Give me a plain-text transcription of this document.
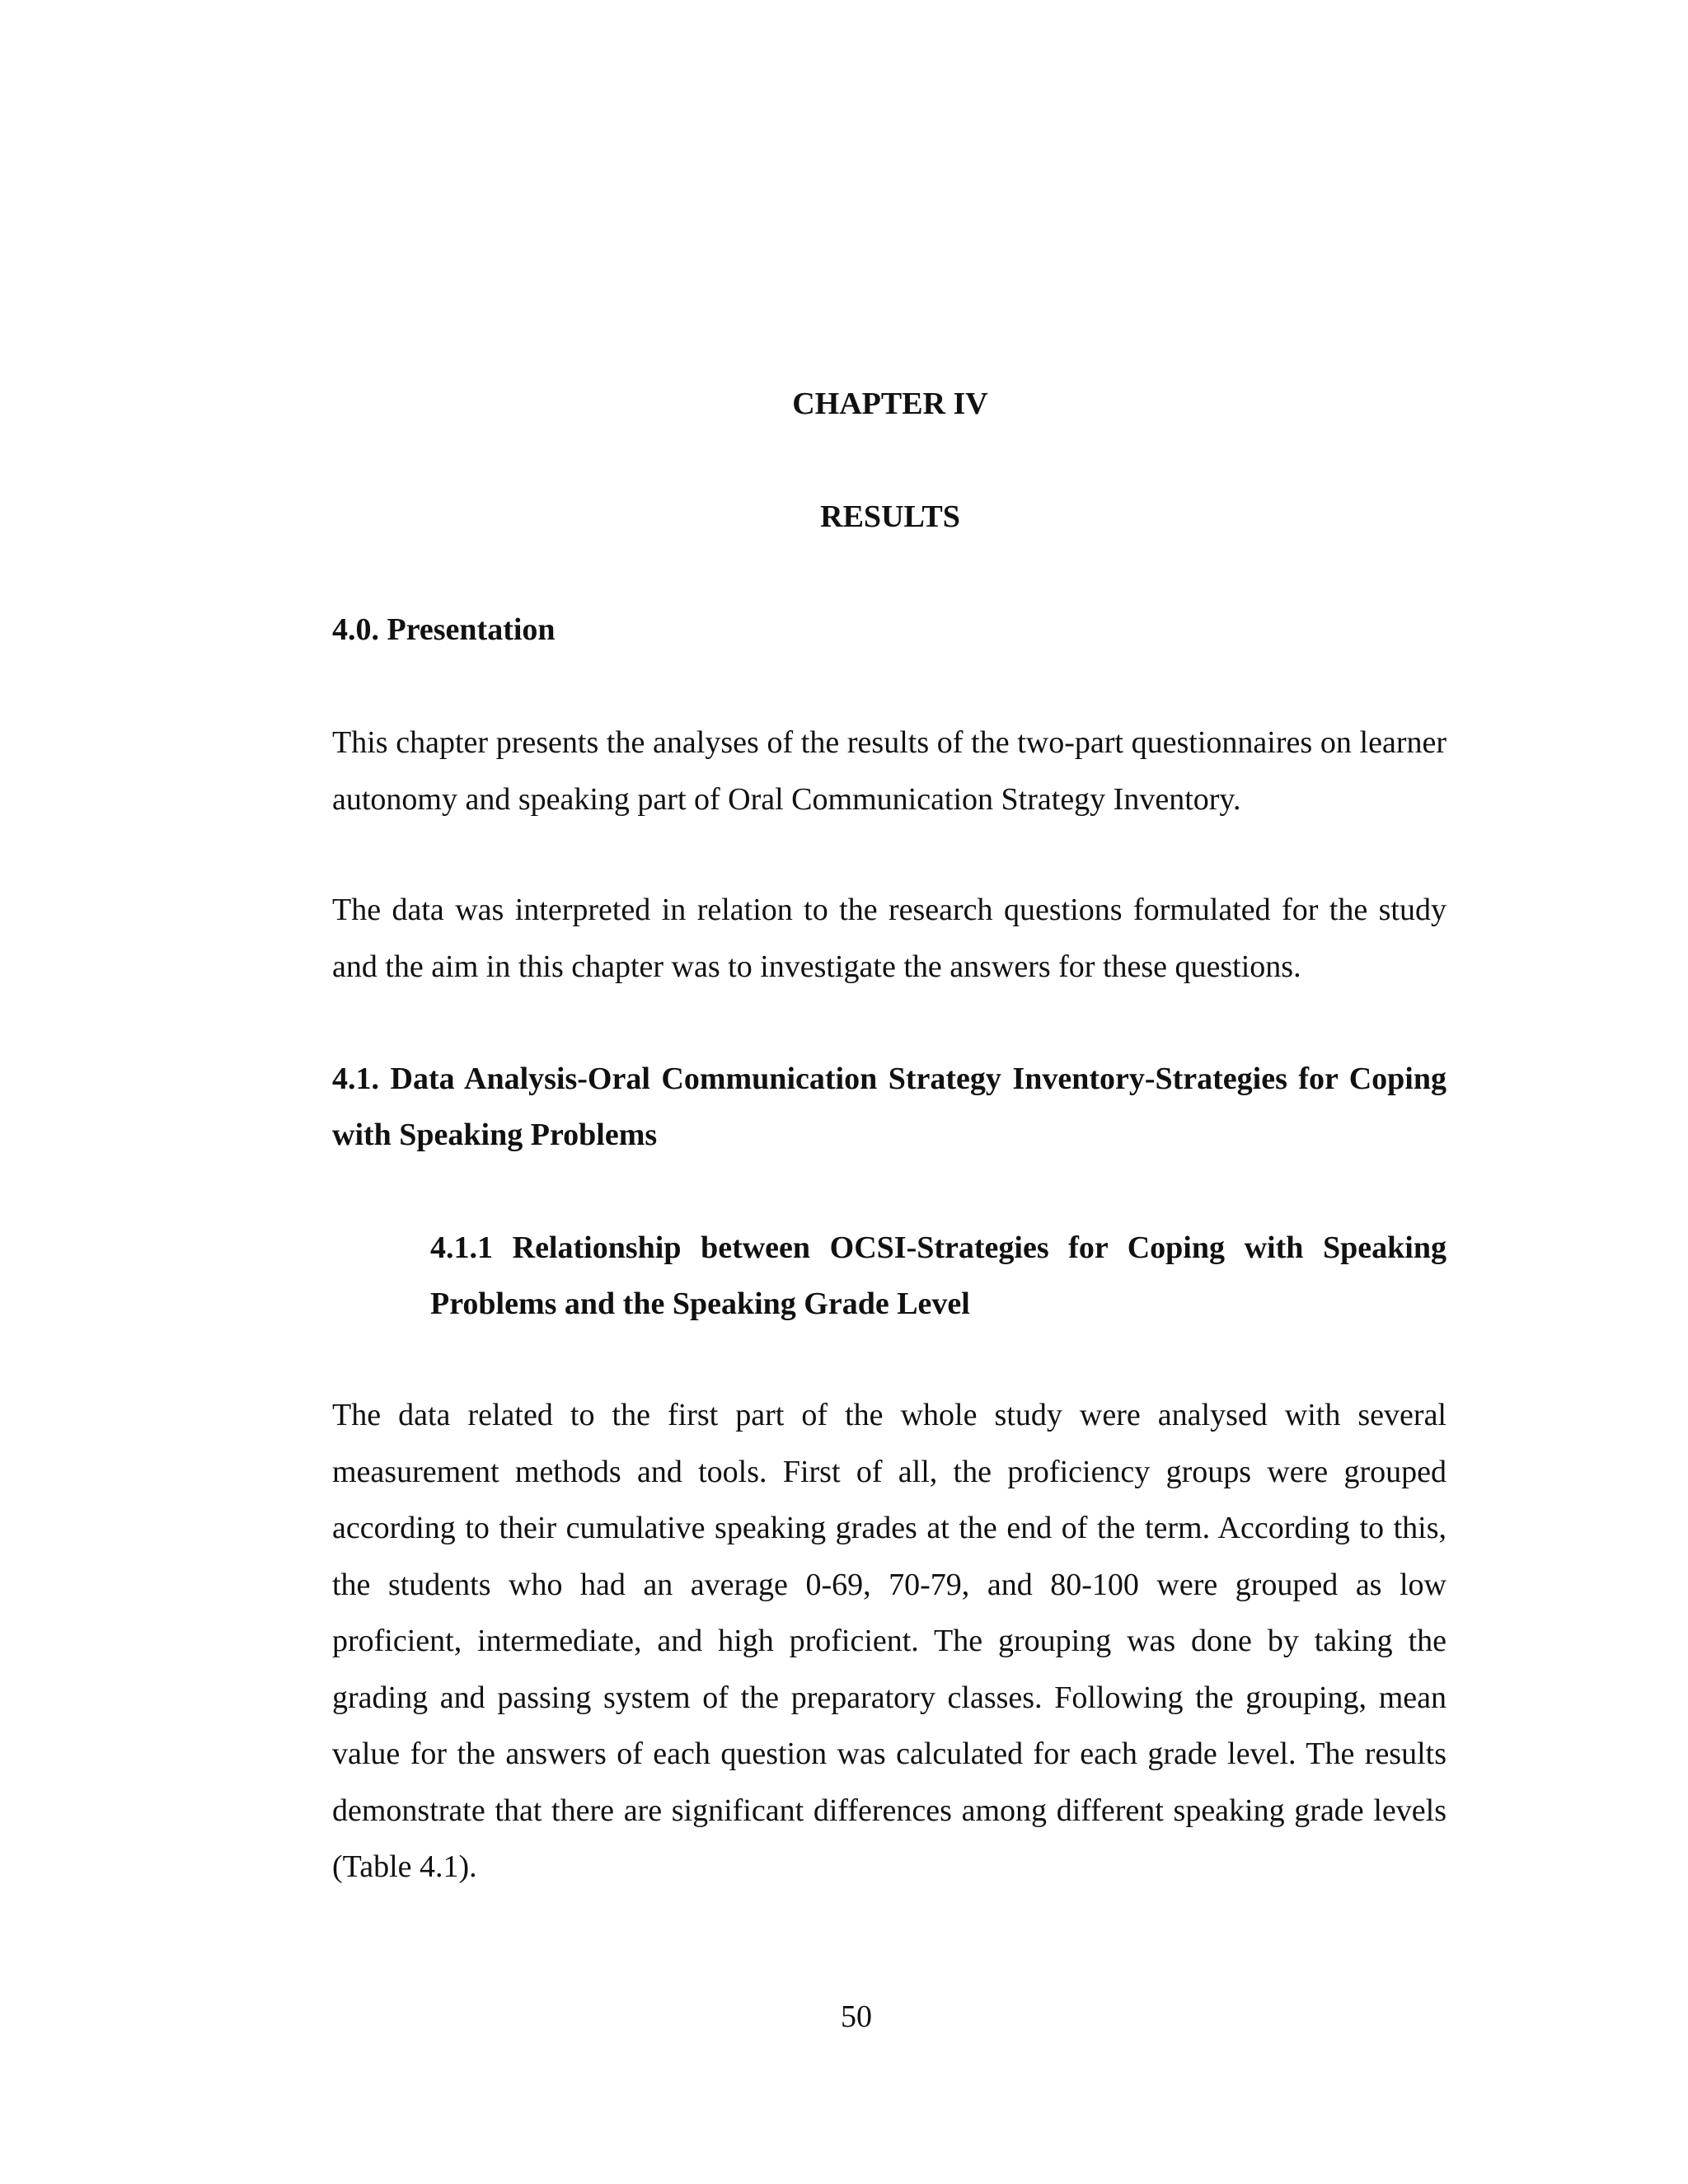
CHAPTER IV
RESULTS

4.0. Presentation

This chapter presents the analyses of the results of the two-part questionnaires on learner autonomy and speaking part of Oral Communication Strategy Inventory.

The data was interpreted in relation to the research questions formulated for the study and the aim in this chapter was to investigate the answers for these questions.

4.1. Data Analysis-Oral Communication Strategy Inventory-Strategies for Coping with Speaking Problems

4.1.1 Relationship between OCSI-Strategies for Coping with Speaking Problems and the Speaking Grade Level

The data related to the first part of the whole study were analysed with several measurement methods and tools. First of all, the proficiency groups were grouped according to their cumulative speaking grades at the end of the term. According to this, the students who had an average 0-69, 70-79, and 80-100 were grouped as low proficient, intermediate, and high proficient. The grouping was done by taking the grading and passing system of the preparatory classes. Following the grouping, mean value for the answers of each question was calculated for each grade level. The results demonstrate that there are significant differences among different speaking grade levels (Table 4.1).

50
